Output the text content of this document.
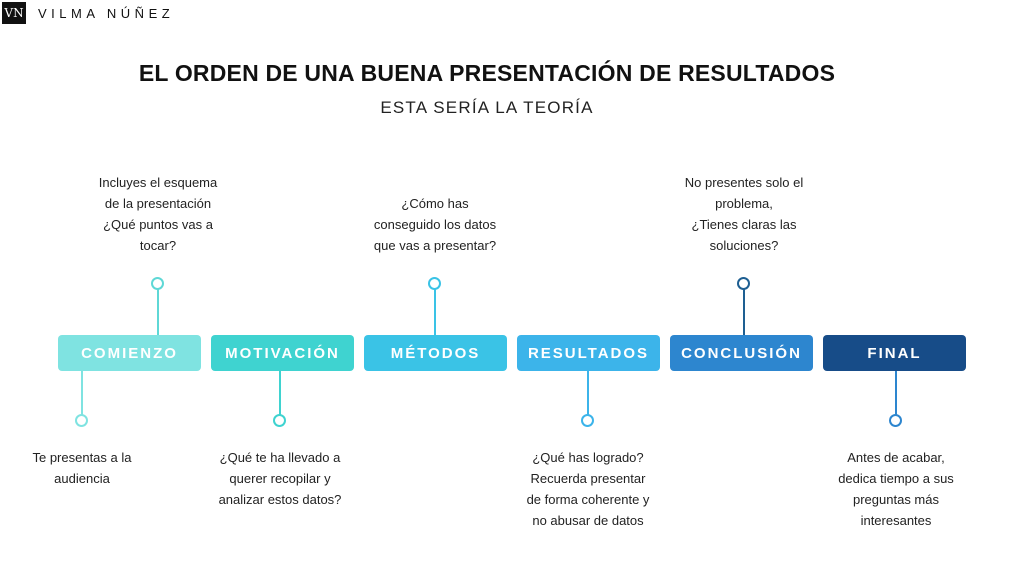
VN VILMA NÚÑEZ
EL ORDEN DE UNA BUENA PRESENTACIÓN DE RESULTADOS
ESTA SERÍA LA TEORÍA
Incluyes el esquema
de la presentación
¿Qué puntos vas a
tocar?
¿Cómo has
conseguido los datos
que vas a presentar?
No presentes solo el
problema,
¿Tienes claras las
soluciones?
COMIENZO	MOTIVACIÓN	MÉTODOS	RESULTADOS CONCLUSIÓN	FINAL
Te presentas a la
audiencia
¿Qué te ha llevado a
querer recopilar y
analizar estos datos?
¿Qué has logrado?
Recuerda presentar
de forma coherente y
no abusar de datos
Antes de acabar,
dedica tiempo a sus
preguntas más
interesantes
